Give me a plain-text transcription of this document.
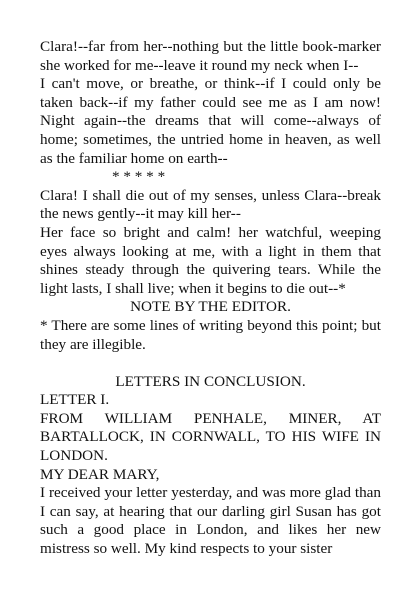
Clara!--far from her--nothing but the little book-marker she worked for me--leave it round my neck when I--

I can't move, or breathe, or think--if I could only be taken back--if my father could see me as I am now! Night again--the dreams that will come--always of home; sometimes, the untried home in heaven, as well as the familiar home on earth--

* * * * *

Clara! I shall die out of my senses, unless Clara--break the news gently--it may kill her--

Her face so bright and calm! her watchful, weeping eyes always looking at me, with a light in them that shines steady through the quivering tears. While the light lasts, I shall live; when it begins to die out--*

NOTE BY THE EDITOR.

* There are some lines of writing beyond this point; but they are illegible.

LETTERS IN CONCLUSION.

LETTER I.

FROM WILLIAM PENHALE, MINER, AT BARTALLOCK, IN CORNWALL, TO HIS WIFE IN LONDON.

MY DEAR MARY,

I received your letter yesterday, and was more glad than I can say, at hearing that our darling girl Susan has got such a good place in London, and likes her new mistress so well. My kind respects to your sister
